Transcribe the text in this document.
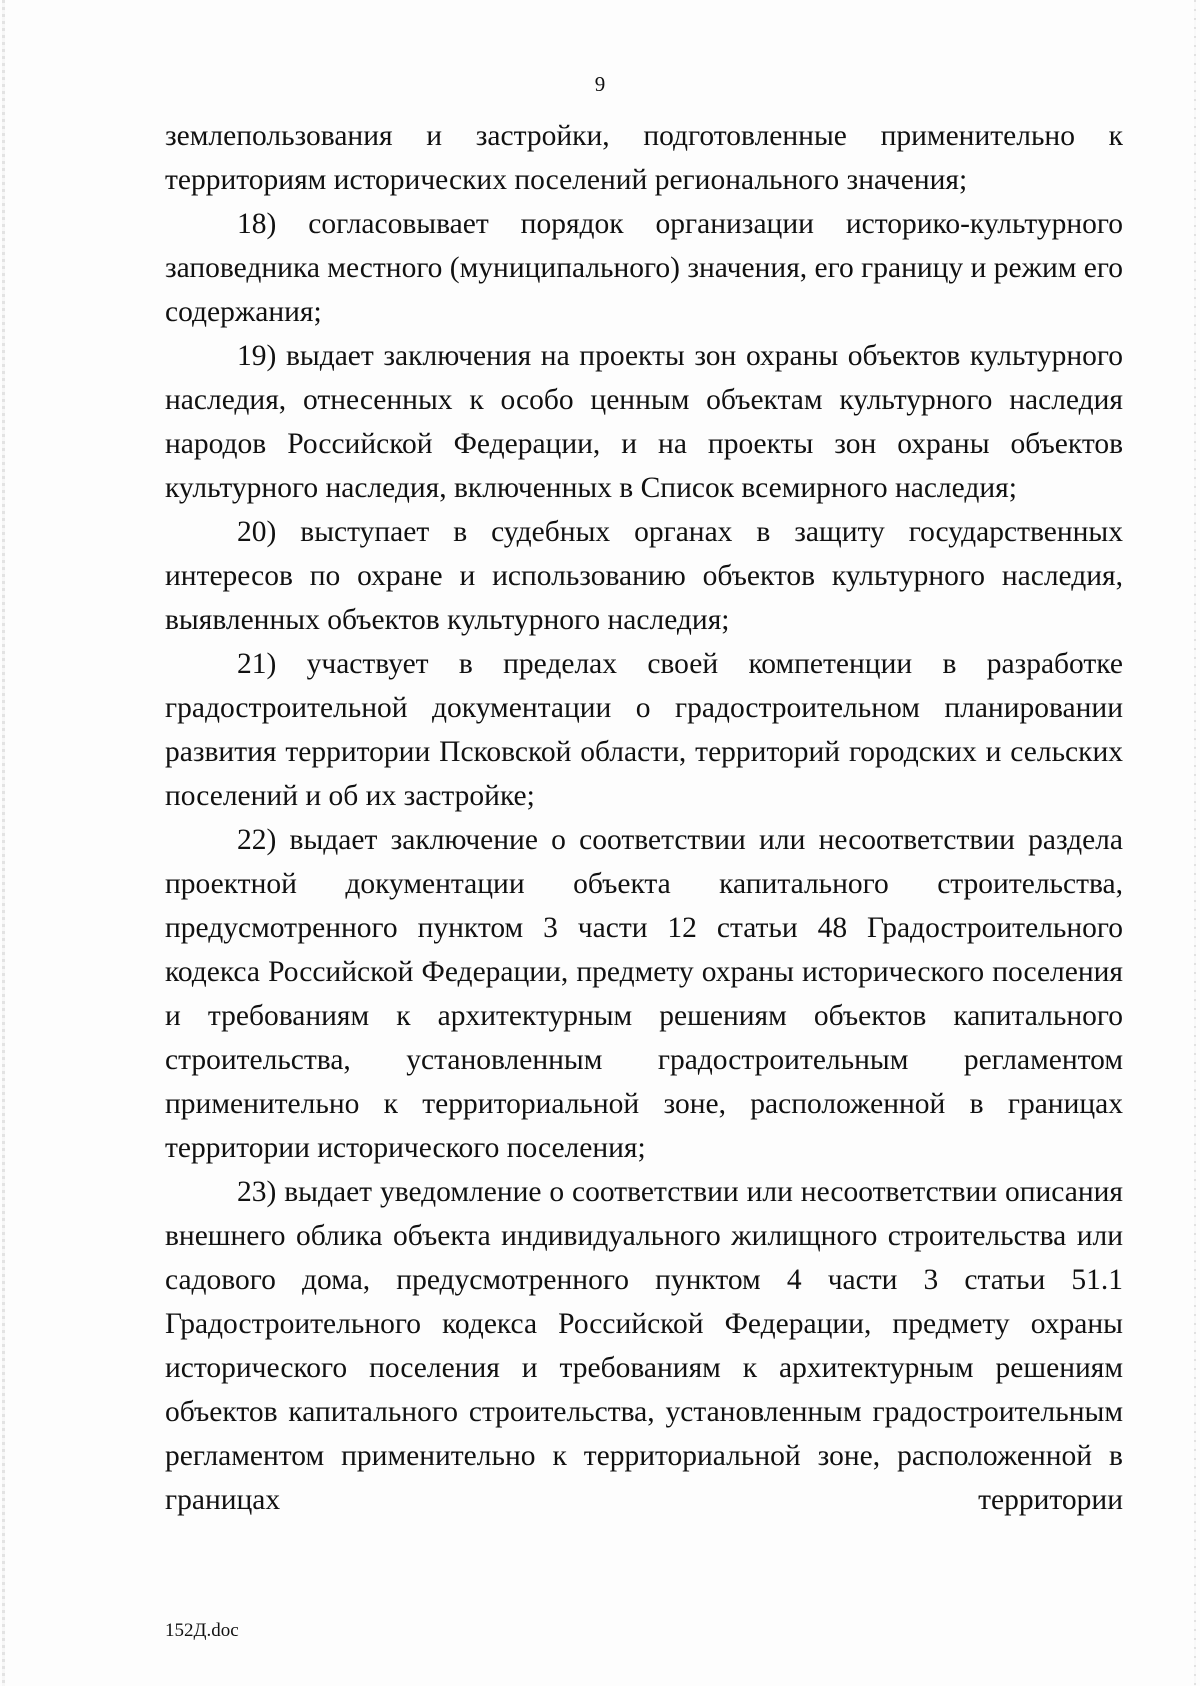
9

землепользования и застройки, подготовленные применительно к территориям исторических поселений регионального значения;

18) согласовывает порядок организации историко-культурного заповедника местного (муниципального) значения, его границу и режим его содержания;

19) выдает заключения на проекты зон охраны объектов культурного наследия, отнесенных к особо ценным объектам культурного наследия народов Российской Федерации, и на проекты зон охраны объектов культурного наследия, включенных в Список всемирного наследия;

20) выступает в судебных органах в защиту государственных интересов по охране и использованию объектов культурного наследия, выявленных объектов культурного наследия;

21) участвует в пределах своей компетенции в разработке градостроительной документации о градостроительном планировании развития территории Псковской области, территорий городских и сельских поселений и об их застройке;

22) выдает заключение о соответствии или несоответствии раздела проектной документации объекта капитального строительства, предусмотренного пунктом 3 части 12 статьи 48 Градостроительного кодекса Российской Федерации, предмету охраны исторического поселения и требованиям к архитектурным решениям объектов капитального строительства, установленным градостроительным регламентом применительно к территориальной зоне, расположенной в границах территории исторического поселения;

23) выдает уведомление о соответствии или несоответствии описания внешнего облика объекта индивидуального жилищного строительства или садового дома, предусмотренного пунктом 4 части 3 статьи 51.1 Градостроительного кодекса Российской Федерации, предмету охраны исторического поселения и требованиям к архитектурным решениям объектов капитального строительства, установленным градостроительным регламентом применительно к территориальной зоне, расположенной в границах территории

152Д.doc
